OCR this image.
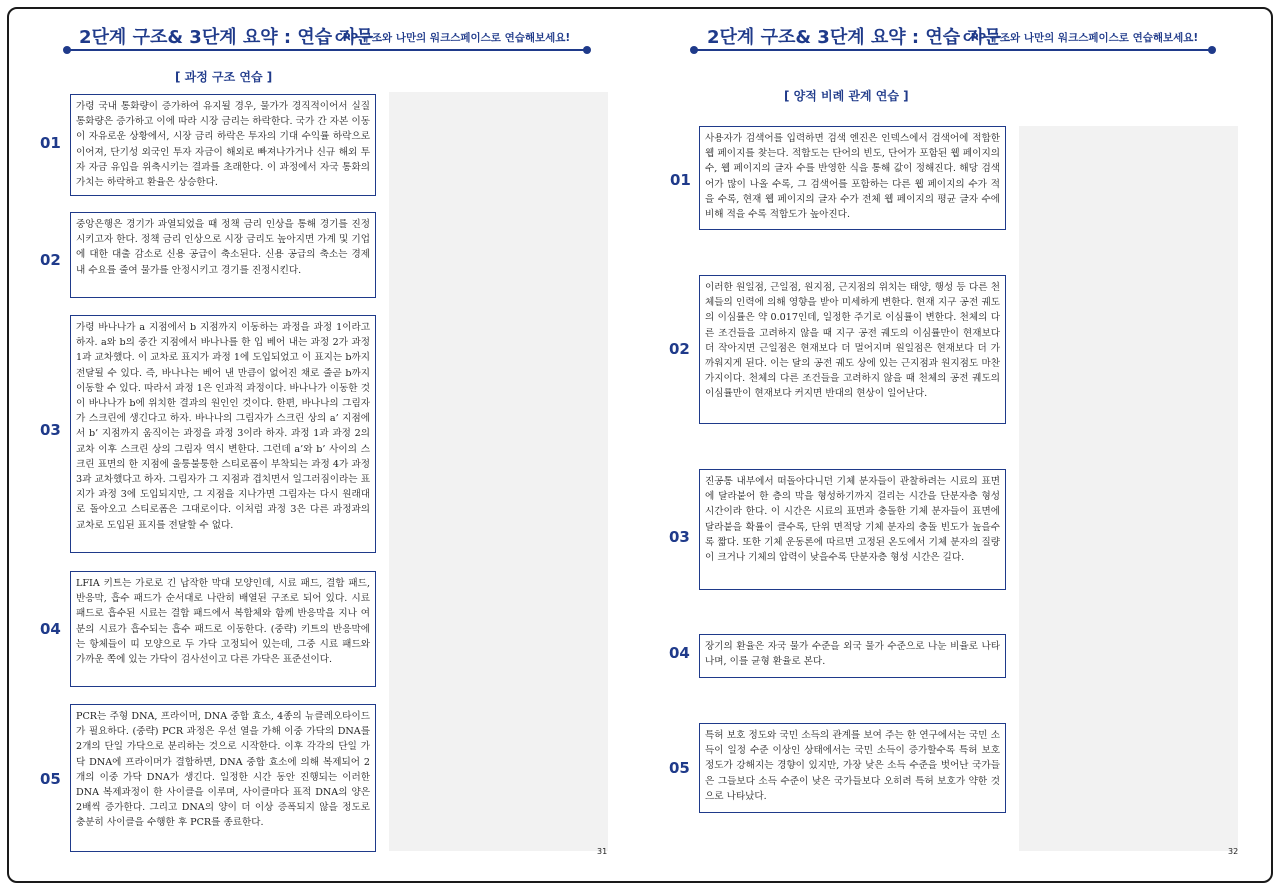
2단계 구조& 3단계 요약 : 연습 지문
CPP 구조와 나만의 워크스페이스로 연습해보세요!
[ 과정 구조 연습 ]
01
가령 국내 통화량이 증가하여 유지될 경우, 물가가 경직적이어서 실질 통화량은 증가하고 이에 따라 시장 금리는 하락한다. 국가 간 자본 이동이 자유로운 상황에서, 시장 금리 하락은 투자의 기대 수익률 하락으로 이어져, 단기성 외국인 투자 자금이 해외로 빠져나가거나 신규 해외 투자 자금 유입을 위축시키는 결과를 초래한다. 이 과정에서 자국 통화의 가치는 하락하고 환율은 상승한다.
02
중앙은행은 경기가 과열되었을 때 정책 금리 인상을 통해 경기를 진정시키고자 한다. 정책 금리 인상으로 시장 금리도 높아지면 가계 및 기업에 대한 대출 감소로 신용 공급이 축소된다. 신용 공급의 축소는 경제 내 수요를 줄여 물가를 안정시키고 경기를 진정시킨다.
03
가령 바나나가 a 지점에서 b 지점까지 이동하는 과정을 과정 1이라고 하자. a와 b의 중간 지점에서 바나나를 한 입 베어 내는 과정 2가 과정 1과 교차했다. 이 교차로 표지가 과정 1에 도입되었고 이 표지는 b까지 전달될 수 있다. 즉, 바나나는 베어 낸 만큼이 없어진 채로 줄곧 b까지 이동할 수 있다. 따라서 과정 1은 인과적 과정이다. 바나나가 이동한 것이 바나나가 b에 위치한 결과의 원인인 것이다. 한편, 바나나의 그림자가 스크린에 생긴다고 하자. 바나나의 그림자가 스크린 상의 a’ 지점에서 b’ 지점까지 움직이는 과정을 과정 3이라 하자. 과정 1과 과정 2의 교차 이후 스크린 상의 그림자 역시 변한다. 그런데 a’와 b’ 사이의 스크린 표면의 한 지점에 울퉁불퉁한 스티로폼이 부착되는 과정 4가 과정 3과 교차했다고 하자. 그림자가 그 지점과 겹치면서 일그러짐이라는 표지가 과정 3에 도입되지만, 그 지점을 지나가면 그림자는 다시 원래대로 돌아오고 스티로폼은 그대로이다. 이처럼 과정 3은 다른 과정과의 교차로 도입된 표지를 전달할 수 없다.
04
LFIA 키트는 가로로 긴 납작한 막대 모양인데, 시료 패드, 결합 패드, 반응막, 흡수 패드가 순서대로 나란히 배열된 구조로 되어 있다. 시료 패드로 흡수된 시료는 결합 패드에서 복합체와 함께 반응막을 지나 여분의 시료가 흡수되는 흡수 패드로 이동한다. (중략) 키트의 반응막에는 항체들이 띠 모양으로 두 가닥 고정되어 있는데, 그중 시료 패드와 가까운 쪽에 있는 가닥이 검사선이고 다른 가닥은 표준선이다.
05
PCR는 주형 DNA, 프라이머, DNA 중합 효소, 4종의 뉴클레오타이드가 필요하다. (중략) PCR 과정은 우선 열을 가해 이중 가닥의 DNA를 2개의 단일 가닥으로 분리하는 것으로 시작한다. 이후 각각의 단일 가닥 DNA에 프라이머가 결합하면, DNA 중합 효소에 의해 복제되어 2개의 이중 가닥 DNA가 생긴다. 일정한 시간 동안 진행되는 이러한 DNA 복제과정이 한 사이클을 이루며, 사이클마다 표적 DNA의 양은 2배씩 증가한다. 그리고 DNA의 양이 더 이상 증폭되지 않을 정도로 충분히 사이클을 수행한 후 PCR를 종료한다.
31
2단계 구조& 3단계 요약 : 연습 지문
CPP 구조와 나만의 워크스페이스로 연습해보세요!
[ 양적 비례 관계 연습 ]
01
사용자가 검색어를 입력하면 검색 엔진은 인덱스에서 검색어에 적합한 웹 페이지를 찾는다. 적합도는 단어의 빈도, 단어가 포함된 웹 페이지의 수, 웹 페이지의 글자 수를 반영한 식을 통해 값이 정해진다. 해당 검색어가 많이 나올 수록, 그 검색어를 포함하는 다른 웹 페이지의 수가 적을 수록, 현재 웹 페이지의 글자 수가 전체 웹 페이지의 평균 글자 수에 비해 적을 수록 적합도가 높아진다.
02
이러한 원일점, 근일점, 원지점, 근지점의 위치는 태양, 행성 등 다른 천체들의 인력에 의해 영향을 받아 미세하게 변한다. 현재 지구 공전 궤도의 이심률은 약 0.017인데, 일정한 주기로 이심률이 변한다. 천체의 다른 조건들을 고려하지 않을 때 지구 공전 궤도의 이심률만이 현재보다 더 작아지면 근일점은 현재보다 더 멀어지며 원일점은 현재보다 더 가까워지게 된다. 이는 달의 공전 궤도 상에 있는 근지점과 원지점도 마찬가지이다. 천체의 다른 조건들을 고려하지 않을 때 천체의 공전 궤도의 이심률만이 현재보다 커지면 반대의 현상이 일어난다.
03
진공통 내부에서 떠돌아다니던 기체 분자들이 관찰하려는 시료의 표면에 달라붙어 한 층의 막을 형성하기까지 걸리는 시간을 단분자층 형성 시간이라 한다. 이 시간은 시료의 표면과 충돌한 기체 분자들이 표면에 달라붙을 확률이 클수록, 단위 면적당 기체 분자의 충돌 빈도가 높을수록 짧다. 또한 기체 운동론에 따르면 고정된 온도에서 기체 분자의 질량이 크거나 기체의 압력이 낮을수록 단분자층 형성 시간은 길다.
04	장기의 환율은 자국 물가 수준을 외국 물가 수준으로 나눈 비율로 나타나며, 이를 균형 환율로 본다.
05
특허 보호 정도와 국민 소득의 관계를 보여 주는 한 연구에서는 국민 소득이 일정 수준 이상인 상태에서는 국민 소득이 증가할수록 특허 보호 정도가 강해지는 경향이 있지만, 가장 낮은 소득 수준을 벗어난 국가들은 그들보다 소득 수준이 낮은 국가들보다 오히려 특허 보호가 약한 것으로 나타났다.
32
